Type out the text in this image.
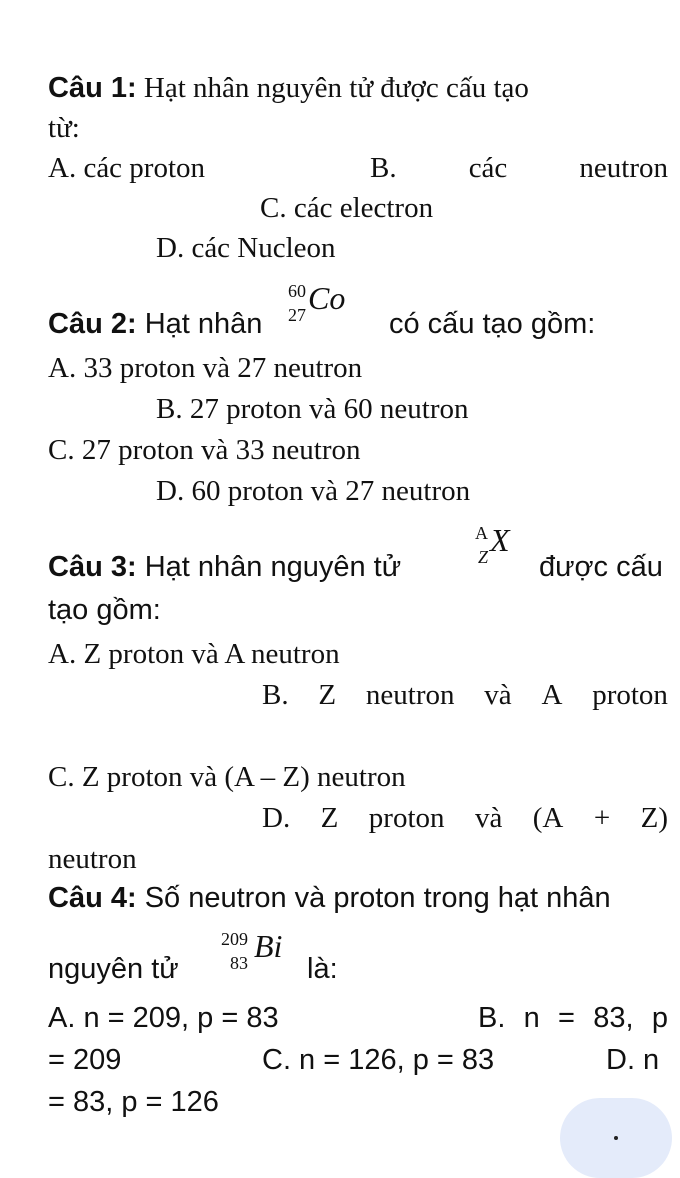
Câu 1: Hạt nhân nguyên tử được cấu tạo
từ:
A. các proton	B. các neutron
C. các electron
D. các Nucleon
Câu 2: Hạt nhân
60
27 Co
có cấu tạo gồm:
A. 33 proton và 27 neutron
B. 27 proton và 60 neutron
C. 27 proton và 33 neutron
D. 60 proton và 27 neutron
Câu 3: Hạt nhân nguyên tử
A
Z X
được cấu
tạo gồm:
A. Z proton và A neutron
B. Z neutron và A proton
C. Z proton và (A – Z) neutron
D. Z proton và (A + Z)
neutron
Câu 4: Số neutron và proton trong hạt nhân
nguyên tử
209
83 Bi
là:
A. n = 209, p = 83	B. n = 83, p
= 209	C. n = 126, p = 83	D. n
= 83, p = 126
